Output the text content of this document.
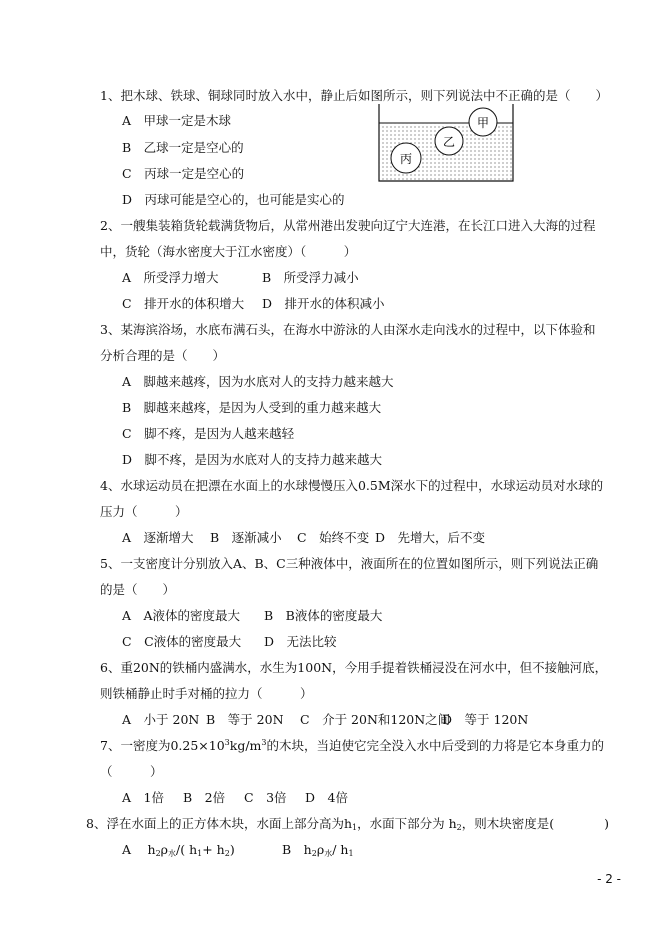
1、把木球、铁球、铜球同时放入水中，静止后如图所示，则下列说法中不正确的是（　　）
A　甲球一定是木球
B　乙球一定是空心的
C　丙球一定是空心的
D　丙球可能是空心的，也可能是实心的
甲
乙
丙
2、一艘集装箱货轮载满货物后，从常州港出发驶向辽宁大连港，在长江口进入大海的过程
中，货轮（海水密度大于江水密度）（　　　）
A　所受浮力增大	B　所受浮力减小
C　排开水的体积增大 D　排开水的体积减小
3、某海滨浴场，水底布满石头，在海水中游泳的人由深水走向浅水的过程中，以下体验和
分析合理的是（　　）
A　脚越来越疼，因为水底对人的支持力越来越大
B　脚越来越疼，是因为人受到的重力越来越大
C　脚不疼，是因为人越来越轻
D　脚不疼，是因为水底对人的支持力越来越大
4、水球运动员在把漂在水面上的水球慢慢压入0.5M深水下的过程中，水球运动员对水球的
压力（　　　）
A　逐渐增大 B　逐渐减小 C　始终不变 D　先增大，后不变
5、一支密度计分别放入A、B、C三种液体中，液面所在的位置如图所示，则下列说法正确
的是（　　）
A　A液体的密度最大 B　B液体的密度最大
C　C液体的密度最大 D　无法比较
6、重20N的铁桶内盛满水，水生为100N，今用手提着铁桶浸没在河水中，但不接触河底，
则铁桶静止时手对桶的拉力（　　　）
A　小于 20N B　等于 20N C　介于 20N和120N之间
D　等于 120N
7、一密度为$0.25\times 10^3kg/m^3$的木块，当迫使它完全没入水中后受到的力将是它本身重力的
（　　　）
A　1倍 B　2倍 C　3倍 D　4倍
8、浮在水面上的正方体木块，水面上部分高为$h_1$，水面下部分为 $h_2$，则木块密度是(　　　　)
A　 $h_2\rho_水/$( $h_1+ h_2$)	B　$h_2\rho_水/$ $h_1$
- 2 -
